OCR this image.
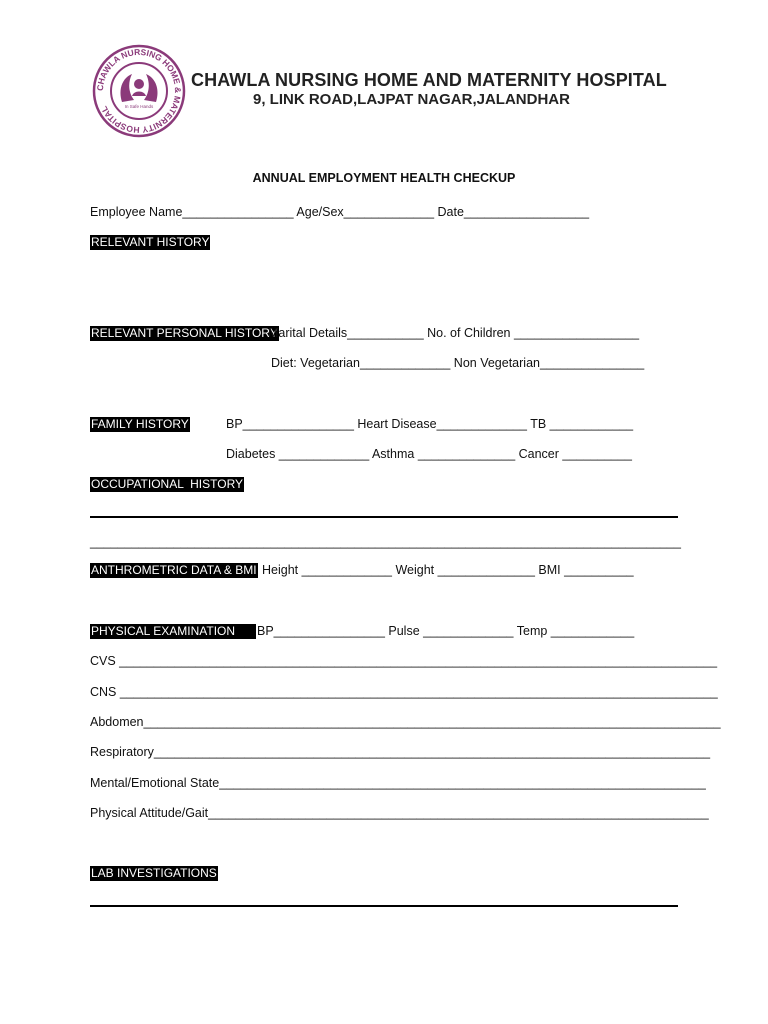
CHAWLA NURSING HOME & MATERNITY HOSPITAL	In Safe Hands
CHAWLA NURSING HOME AND MATERNITY HOSPITAL
9, LINK ROAD,LAJPAT NAGAR,JALANDHAR
ANNUAL EMPLOYMENT HEALTH CHECKUP
Employee Name________________ Age/Sex_____________ Date__________________
RELEVANT HISTORY
RELEVANT PERSONAL HISTORY
Marital Details___________ No. of Children __________________
Diet: Vegetarian_____________ Non Vegetarian_______________
FAMILY HISTORY	BP________________ Heart Disease_____________ TB ____________
Diabetes _____________ Asthma ______________ Cancer __________
OCCUPATIONAL  HISTORY
_____________________________________________________________________________________
ANTHROMETRIC DATA & BMI Height _____________ Weight ______________ BMI __________
PHYSICAL EXAMINATION BP________________ Pulse _____________ Temp ____________
CVS ______________________________________________________________________________________
CNS ______________________________________________________________________________________
Abdomen___________________________________________________________________________________
Respiratory________________________________________________________________________________
Mental/Emotional State______________________________________________________________________
Physical Attitude/Gait________________________________________________________________________
LAB INVESTIGATIONS
